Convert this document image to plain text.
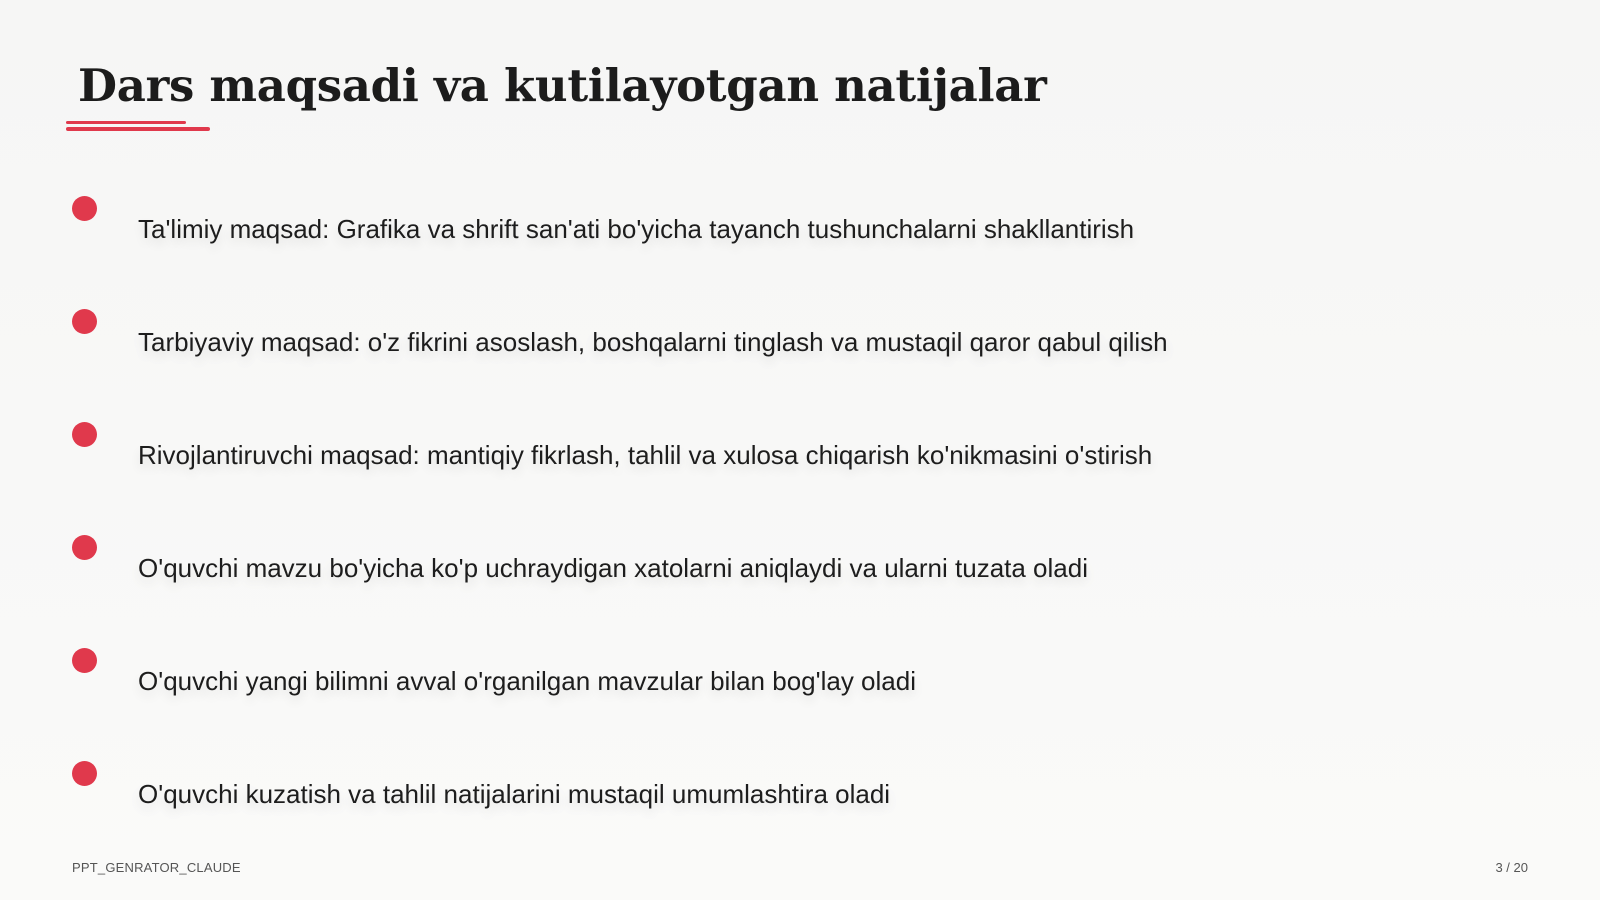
Dars maqsadi va kutilayotgan natijalar
Ta'limiy maqsad: Grafika va shrift san'ati bo'yicha tayanch tushunchalarni shakllantirish
Tarbiyaviy maqsad: o'z fikrini asoslash, boshqalarni tinglash va mustaqil qaror qabul qilish
Rivojlantiruvchi maqsad: mantiqiy fikrlash, tahlil va xulosa chiqarish ko'nikmasini o'stirish
O'quvchi mavzu bo'yicha ko'p uchraydigan xatolarni aniqlaydi va ularni tuzata oladi
O'quvchi yangi bilimni avval o'rganilgan mavzular bilan bog'lay oladi
O'quvchi kuzatish va tahlil natijalarini mustaqil umumlashtira oladi
PPT_GENRATOR_CLAUDE	3 / 20
